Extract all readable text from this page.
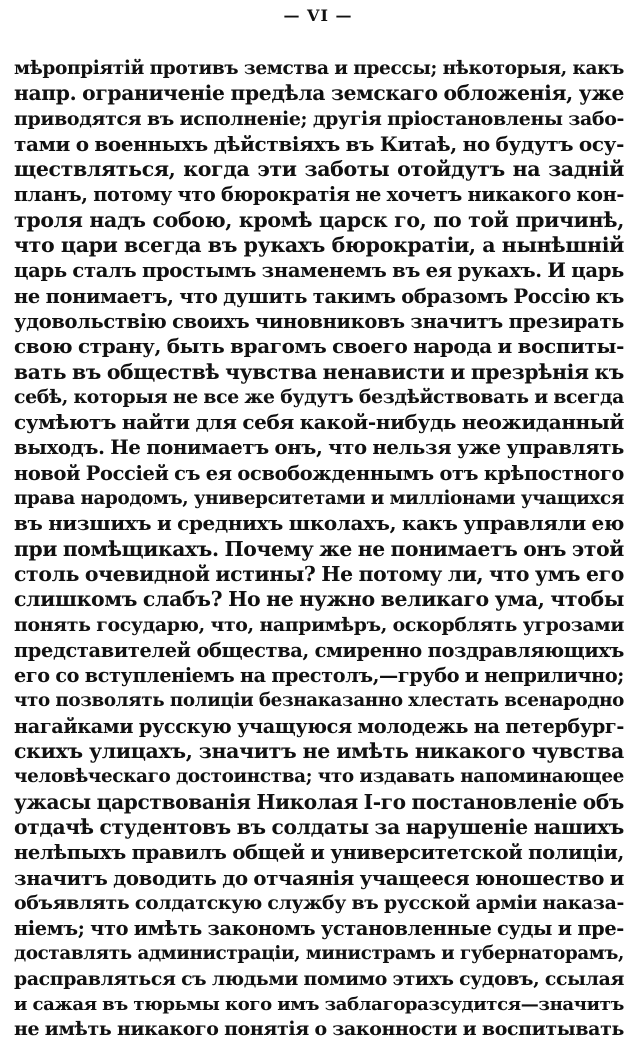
— VI —
мѣропріятій противъ земства и прессы; нѣкоторыя, какъ
напр. ограниченіе предѣла земскаго обложенія, уже
приводятся въ исполненіе; другія пріостановлены забо-
тами о военныхъ дѣйствіяхъ въ Китаѣ, но будутъ осу-
ществляться, когда эти заботы отойдутъ на задній
планъ, потому что бюрократія не хочетъ никакого кон-
троля надъ собою, кромѣ царск го, по той причинѣ,
что цари всегда въ рукахъ бюрократіи, а нынѣшній
царь сталъ простымъ знаменемъ въ ея рукахъ. И царь
не понимаетъ, что душить такимъ образомъ Россію къ
удовольствію своихъ чиновниковъ значитъ презирать
свою страну, быть врагомъ своего народа и воспиты-
вать въ обществѣ чувства ненависти и презрѣнія къ
себѣ, которыя не все же будутъ бездѣйствовать и всегда
сумѣютъ найти для себя какой-нибудь неожиданный
выходъ. Не понимаетъ онъ, что нельзя уже управлять
новой Россіей съ ея освобожденнымъ отъ крѣпостного
права народомъ, университетами и милліонами учащихся
въ низшихъ и среднихъ школахъ, какъ управляли ею
при помѣщикахъ. Почему же не понимаетъ онъ этой
столь очевидной истины? Не потому ли, что умъ его
слишкомъ слабъ? Но не нужно великаго ума, чтобы
понять государю, что, напримѣръ, оскорблять угрозами
представителей общества, смиренно поздравляющихъ
его со вступленіемъ на престолъ,—грубо и неприлично;
что позволять полиціи безнаказанно хлестать всенародно
нагайками русскую учащуюся молодежь на петербург-
скихъ улицахъ, значитъ не имѣть никакого чувства
человѣческаго достоинства; что издавать напоминающее
ужасы царствованія Николая І-го постановленіе объ
отдачѣ студентовъ въ солдаты за нарушеніе нашихъ
нелѣпыхъ правилъ общей и университетской полиціи,
значитъ доводить до отчаянія учащееся юношество и
объявлять солдатскую службу въ русской арміи наказа-
ніемъ; что имѣть закономъ установленные суды и пре-
доставлять администраціи, министрамъ и губернаторамъ,
расправляться съ людьми помимо этихъ судовъ, ссылая
и сажая въ тюрьмы кого имъ заблагоразсудится—значитъ
не имѣть никакого понятія о законности и воспитывать
